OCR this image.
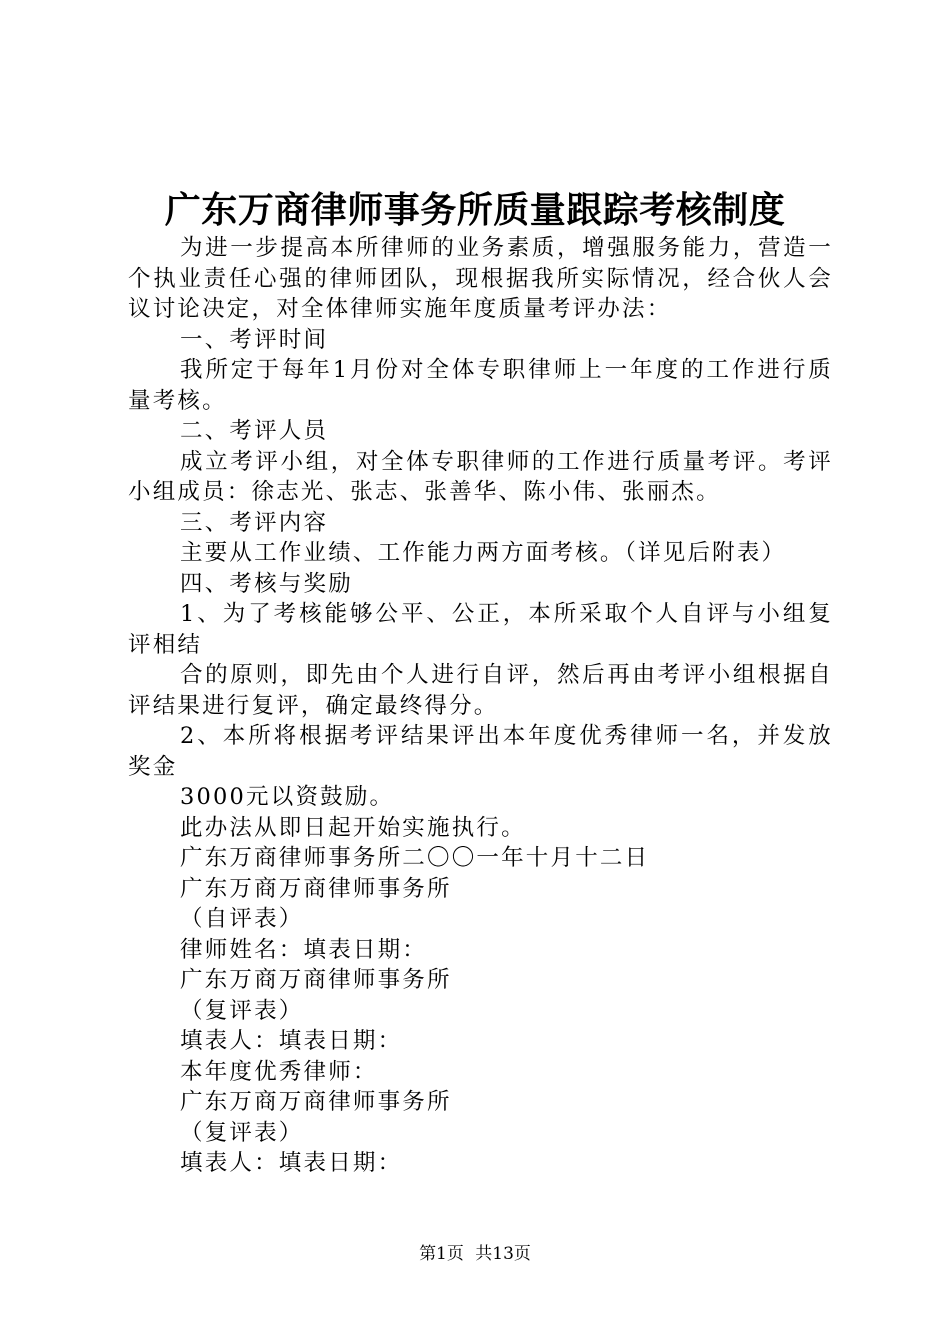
广东万商律师事务所质量跟踪考核制度

为进一步提高本所律师的业务素质，增强服务能力，营造一个执业责任心强的律师团队，现根据我所实际情况，经合伙人会议讨论决定，对全体律师实施年度质量考评办法：

一、考评时间

我所定于每年1月份对全体专职律师上一年度的工作进行质量考核。

二、考评人员

成立考评小组，对全体专职律师的工作进行质量考评。考评小组成员：徐志光、张志、张善华、陈小伟、张丽杰。

三、考评内容

主要从工作业绩、工作能力两方面考核。（详见后附表）

四、考核与奖励

1、为了考核能够公平、公正，本所采取个人自评与小组复评相结

合的原则，即先由个人进行自评，然后再由考评小组根据自评结果进行复评，确定最终得分。

2、本所将根据考评结果评出本年度优秀律师一名，并发放奖金

3000元以资鼓励。

此办法从即日起开始实施执行。

广东万商律师事务所二〇〇一年十月十二日

广东万商万商律师事务所

（自评表）

律师姓名：填表日期：

广东万商万商律师事务所

（复评表）

填表人：填表日期：

本年度优秀律师：

广东万商万商律师事务所

（复评表）

填表人：填表日期：

第1页 共13页
